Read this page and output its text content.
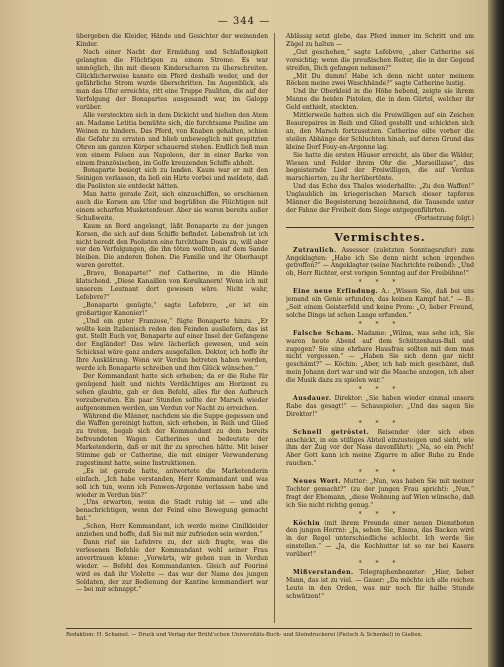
— 344 —

übergeben die Kleider, Hände und Gesichter der weinenden Kinder.

Nach einer Nacht der Ermüdung und Schlaflosigkeit gelangten die Flüchtigen zu einem Strome. Es war unmöglich, ihn mit diesen Kinderscharen zu überschreiten. Glücklicherweise kannte ein Pferd deshalb weder, und der gefährliche Strom wurde überschritten. Im Augenblick, als man das Ufer erreichte, ritt eine Truppe Pauliten, die auf der Verfolgung der Bonapartes ausgesandt war, im Galopp vorüber.

Alle versteckten sich in dem Dickicht und hielten den Atem an. Madame Letitia bemühte sich, die furchtsame Pauline am Weinen zu hindern. Das Pferd, von Knaben gehalten, schien die Gefahr zu erraten und blieb unbeweglich mit gespitzten Ohren am ganzen Körper schauernd stehen. Endlich ließ man von einem Felsen aus Napoleon, der in einer Barke von einem französischen, im Golfe kreuzenden Schiffe abholt.

Bonaparte besiegt sich zu landen. Kaum war er mit den Seinigen verlassen, da ließ ein Hirte vorbei und meldete, daß die Paolisten sie entdeckt hätten.

Man hatte gerade Zeit, sich einzuschiffen, so erschienen auch die Korsen am Ufer und begrüßten die Flüchtigen mit einem scharfen Musketenfeuer. Aber sie waren bereits außer Schußweite.

Kaum an Bord angelangt, läßt Bonaparte zu der jungen Korsen, die sich auf dem Schiffe befindet. Lebensfroh ist ich nicht beredt den Paolisten eine furchtbare Dosis zu, will aber vor den Verfolgungen, die ihn töten wollten, auf dem Sande bleiben. Die anderen flohen. Die Familie und ihr Oberhaupt waren gerettet.

„Bravo, Bonaparte!“ rief Catherine, in die Hände klatschend. „Diese Kanaillen von Korsikanern! Wenn ich mit unserem Leutnant dort gewesen wäre. Nicht wahr, Lefebvre?“

„Bonaparte genügte,“ sagte Lefebvre, „er ist ein großartiger Kanonier!“

„Und ein guter Franzose,“ fügte Bonaparte hinzu. „Er wollte kein Italienisch reden den Feinden ausliefern, das ist gut. Stellt Euch vor, Bonaparte auf einer Insel der Gefangene der Engländer! Das wäre lächerlich gewesen, und sein Schicksal wäre ganz anders ausgefallen. Doktor, ich hoffe ihr Ihre Ausklärung. Wenn wir Verdun betreten haben werden, werde ich Bonaparte schreiben und ihm Glück wünschen.“

Der Kommandant hatte sich erhoben; da er die Ruhe für genügend hielt und nichts Verdächtiges am Horizont zu sehen glaubte, gab er den Befehl, alles für den Aufbruch vorzubereiten. Ein paar Stunden sollte der Marsch wieder aufgenommen werden, um Verdun vor Nacht zu erreichen.

Während die Männer, nachdem sie die Suppe gegessen und die Waffen gereinigt hatten, sich erheben, in Reih und Glied zu treten, begab sich der Kommandant zu dem bereits befreundeten Wagen Catherines und bedeutete der Marketenderin, daß er mit ihr zu sprechen hätte. Mit leiser Stimme gab er Catherine, die mit einiger Verwunderung zugestimmt hatte, seine Instruktionen.

„Es ist gerade hatte, antwortete die Marketenderin einfach. „Ich habe verstanden, Herr Kommandant und was soll ich tun, wenn ich Fenwen-Argonne verlassen habe und wieder in Verdun bin?“

„Uns erwarten, wenn die Stadt ruhig ist — und alle benachrichtigen, wenn der Feind eine Bewegung gemacht hat.“

„Schon, Herr Kommandant, ich werde meine Cinilkleider anziehen und hoffe, daß Sie mit mir zufrieden sein werden.“

Dann rief sie Lefebvre zu, der sich fragte, was die verlesenen Befehle der Kommandant wohl seiner Frau anvertrauen könne: „Vorwärts, wir gehen nun in Verdun wieder. — Befehl des Kommandanten. Gleich auf Fouriné wird es daß ihr Violette — das war der Name des jungen Soldaten, der zur Bedienung der Kantine kommandiert war — bei mir schnappt.“

Ablässig setzt glebe, das Pferd immer im Schritt und am Zügel zu halten —

„Gut geschehen,“ sagte Lefebvre, „aber Catherine sei vorsichtig; wenn die preußischen Reiter, die in der Gegend streifen, Dich gefangen nehmen?“

„Mit Du dumm! Habe ich denn nicht unter meinem Röcken meine zwei Waschhände?“ sagte Catherine lustig.

Und ihr Oberkleid in die Höhe hebend, zeigte sie ihrem Manne die beiden Pistolen, die in dem Gürtel, welcher ihr Geld enthielt, steckten.

Mittlerweile hatten sich die Freiwilligen auf ein Zeichen Beaurepaires in Reih und Glied gestellt und schickten sich an, den Marsch fortzusetzen. Catherine eilte vorher die steilen Abhänge der Schluchten hinab, auf deren Grund das kleine Dorf Fouy-en-Argonne lag.

Sie hatte die ersten Häuser erreicht, als über die Wälder, Wiesen und Felder ihrem Ohr die „Marseillaise“, das begeisternde Lied der Freiwilligen, die auf Verdun marschierten, zu ihr herübertönte.

Und das Echo des Thales wiederhallte: „Zu den Waffen!“ Unglaublich im kriegerischen Marsch dieser tapferen Männer die Begeisterung bezeichnend, die Tausende unter der Fahne der Freiheit dem Siege entgegenführten.

(Fortsetzung folgt.)

Vermischtes.

Zutraulich. Assessor (zuletzten Sonntagsrufer) zum Angeklagten: „Habe ich Sie denn nicht schon irgendwo getroffen?“ — Angeklagter (seine Nachrichte reibend): „Und ob, Herr Richter, erst vorigen Sonntag auf der Freibühne!“

* * *

Eine neue Erfindung. A.: „Wissen Sie, daß bei uns jemand ein Genie erfunden, das keinen Kampf hat.“ — B.: „Seit einem Geisterfeld und keine Prom: „O, lieber Freund, solche Dinge ist schon Lange erfunden.“

* * *

Falsche Scham. Madame: „Wilma, was sehe ich, Sie waren heute Abend auf dem Schützenhaus-Ball und zugegen? Sie eine ehrbare Hausfrau sollten mit dem man nicht vergessen.“ — „Haben Sie sich denn gar nicht geschämt?“ — Köchin: „Aber, ich hab mich geschämt, daß mein Johann dort war und wir die Masche anzogen, ich aber die Musik dazu zu spielen war.“

* * *

Ausdauer. Direktor: „Sie haben wieder einmal unsern Rabe das gesagt!“ — Schauspieler: „Und das sagen Sie Direktor!“

* * *

Schnell getröstet. Reisender (der sich eben anschickt, in ein stilliges Abteil einzusteigen und sieht, wie ihm der Zug vor der Nase davonfährt): „Na, so ein Pech! Aber Gott kann ich meine Zigarre in aller Ruhe zu Ende rauchen.“

* * *

Neues Wort. Mutter: „Nun, was haben Sie mit meiner Tochter gemacht?“ (zu der jungen Frau spricht): „Nun,“ fragt der Ehemann, „diese Wohnung auf Wien wünsche, daß ich Sie nicht richtig genug.“

* * *

Köchin (mit ihrem Freunde einer neuen Dienstboten den jungen Herrn): „Ja, sehen Sie, Emma, das Backen wird in der Regel unterschiedliche schlecht. Ich werde Sie einstellen.“ — „Ja, die Kochbutter ist so rar bei Kasern vorüber!“

* * *

Mißverstanden. Telegraphenbeamter: „Hier, lieber Mann, das ist zu viel. — Gauer: „Da möchte ich alle reichen Leute in den Orden, was mir noch für halbe Stunde schwätzen!“

Redaktion: H. Schamel. — Druck und Verlag der Brühl'schen Universitäts-Buch- und Steindruckerei (Pietsch & Schenkel) in Gießen.
